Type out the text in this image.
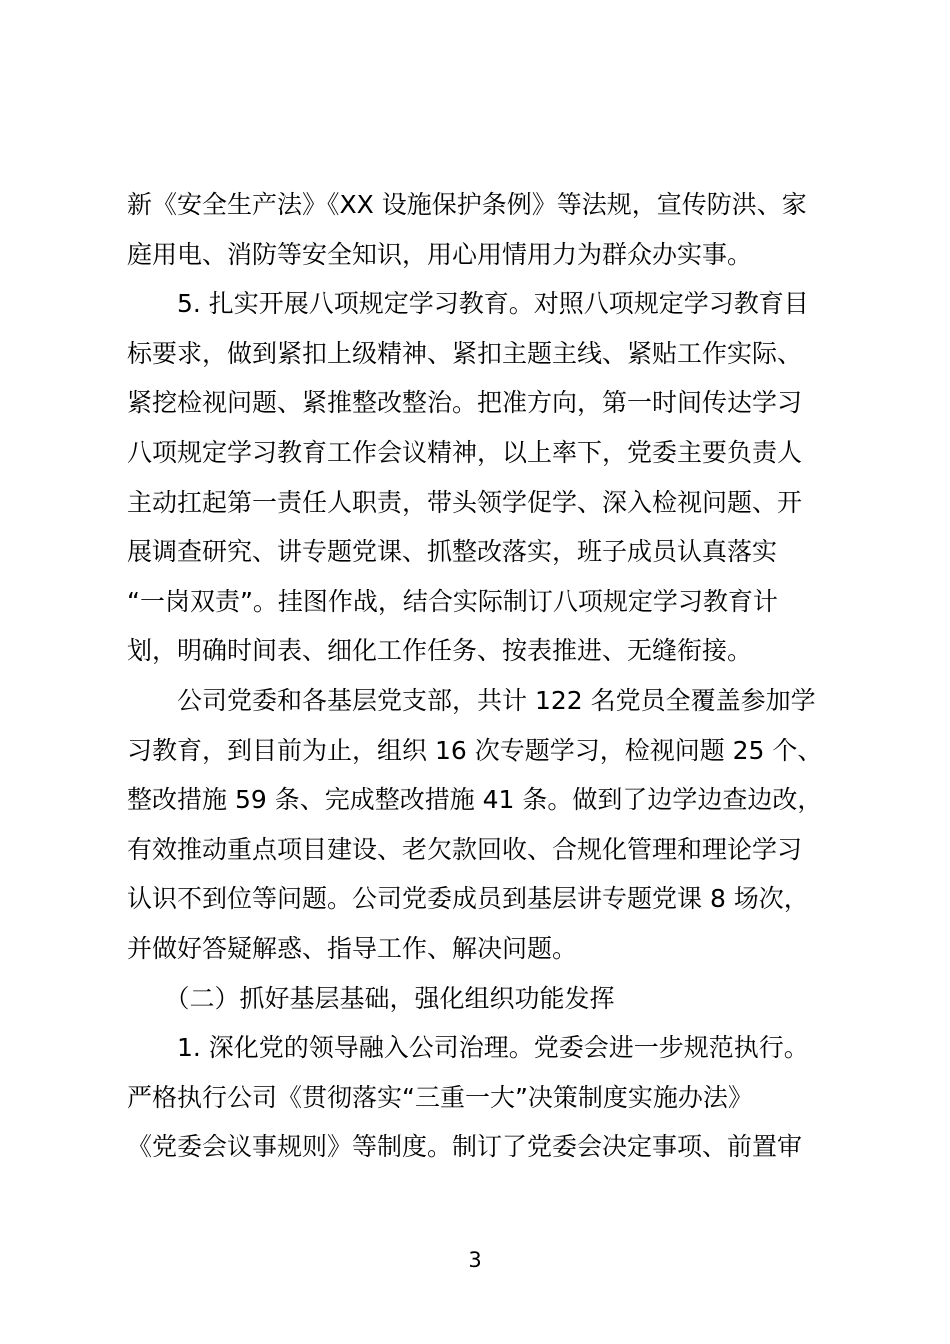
新《安全生产法》《XX 设施保护条例》等法规，宣传防洪、家
庭用电、消防等安全知识，用心用情用力为群众办实事。
　　5. 扎实开展八项规定学习教育。对照八项规定学习教育目
标要求，做到紧扣上级精神、紧扣主题主线、紧贴工作实际、
紧挖检视问题、紧推整改整治。把准方向，第一时间传达学习
八项规定学习教育工作会议精神，以上率下，党委主要负责人
主动扛起第一责任人职责，带头领学促学、深入检视问题、开
展调查研究、讲专题党课、抓整改落实，班子成员认真落实
“一岗双责”。挂图作战，结合实际制订八项规定学习教育计
划，明确时间表、细化工作任务、按表推进、无缝衔接。
　　公司党委和各基层党支部，共计 122 名党员全覆盖参加学
习教育，到目前为止，组织 16 次专题学习，检视问题 25 个、
整改措施 59 条、完成整改措施 41 条。做到了边学边查边改，
有效推动重点项目建设、老欠款回收、合规化管理和理论学习
认识不到位等问题。公司党委成员到基层讲专题党课 8 场次，
并做好答疑解惑、指导工作、解决问题。
　　（二）抓好基层基础，强化组织功能发挥
　　1. 深化党的领导融入公司治理。党委会进一步规范执行。
严格执行公司《贯彻落实“三重一大”决策制度实施办法》
《党委会议事规则》等制度。制订了党委会决定事项、前置审
3
